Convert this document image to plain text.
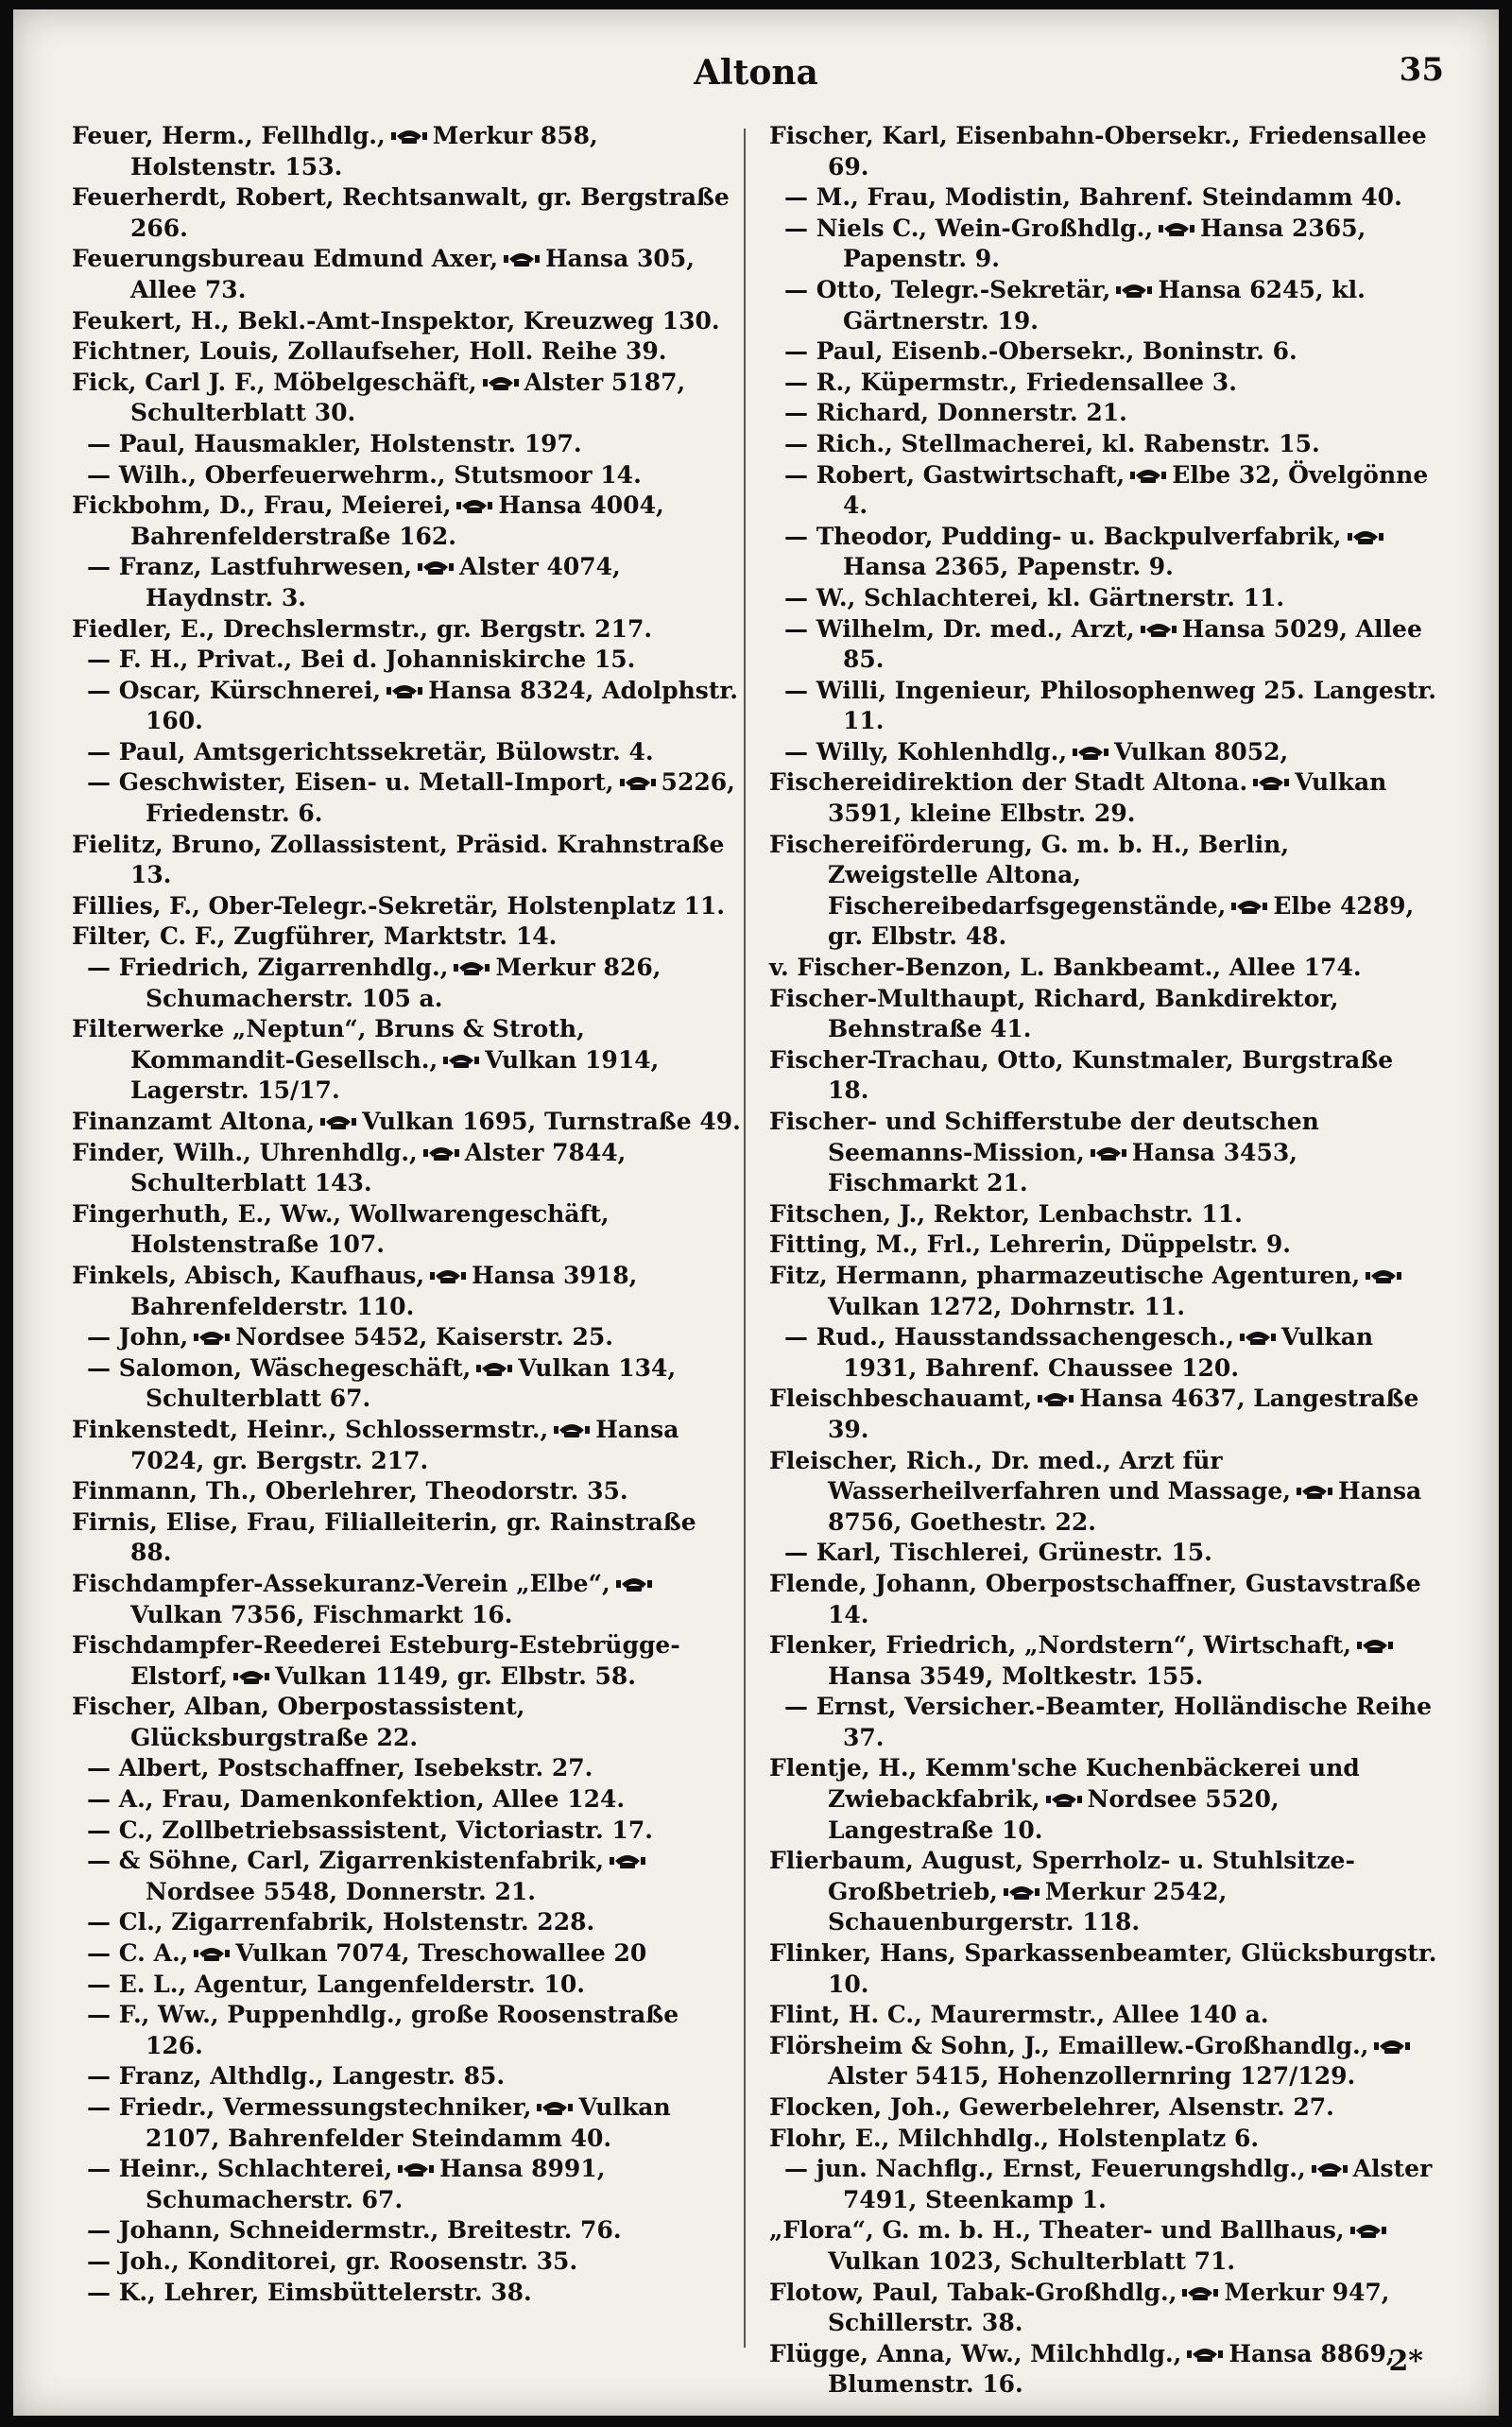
Altona	35
Feuer, Herm., Fellhdlg., Merkur 858, Holstenstr. 153.
Feuerherdt, Robert, Rechtsanwalt, gr. Bergstraße 266.
Feuerungsbureau Edmund Axer, Hansa 305, Allee 73.
Feukert, H., Bekl.-Amt-Inspektor, Kreuzweg 130.
Fichtner, Louis, Zollaufseher, Holl. Reihe 39.
Fick, Carl J. F., Möbelgeschäft, Alster 5187, Schulterblatt 30.
— Paul, Hausmakler, Holstenstr. 197.
— Wilh., Oberfeuerwehrm., Stutsmoor 14.
Fickbohm, D., Frau, Meierei, Hansa 4004, Bahrenfelderstraße 162.
— Franz, Lastfuhrwesen, Alster 4074, Haydnstr. 3.
Fiedler, E., Drechslermstr., gr. Bergstr. 217.
— F. H., Privat., Bei d. Johanniskirche 15.
— Oscar, Kürschnerei, Hansa 8324, Adolphstr. 160.
— Paul, Amtsgerichtssekretär, Bülowstr. 4.
— Geschwister, Eisen- u. Metall-Import, 5226, Friedenstr. 6.
Fielitz, Bruno, Zollassistent, Präsid. Krahnstraße 13.
Fillies, F., Ober-Telegr.-Sekretär, Holstenplatz 11.
Filter, C. F., Zugführer, Marktstr. 14.
— Friedrich, Zigarrenhdlg., Merkur 826, Schumacherstr. 105 a.
Filterwerke „Neptun“, Bruns & Stroth, Kommandit-Gesellsch., Vulkan 1914, Lagerstr. 15/17.
Finanzamt Altona, Vulkan 1695, Turnstraße 49.
Finder, Wilh., Uhrenhdlg., Alster 7844, Schulterblatt 143.
Fingerhuth, E., Ww., Wollwarengeschäft, Holstenstraße 107.
Finkels, Abisch, Kaufhaus, Hansa 3918, Bahrenfelderstr. 110.
— John, Nordsee 5452, Kaiserstr. 25.
— Salomon, Wäschegeschäft, Vulkan 134, Schulterblatt 67.
Finkenstedt, Heinr., Schlossermstr., Hansa 7024, gr. Bergstr. 217.
Finmann, Th., Oberlehrer, Theodorstr. 35.
Firnis, Elise, Frau, Filialleiterin, gr. Rainstraße 88.
Fischdampfer-Assekuranz-Verein „Elbe“,
Vulkan 7356, Fischmarkt 16.
Fischdampfer-Reederei Esteburg-Estebrügge-Elstorf, Vulkan 1149, gr. Elbstr. 58.
Fischer, Alban, Oberpostassistent, Glücksburgstraße 22.
— Albert, Postschaffner, Isebekstr. 27.
— A., Frau, Damenkonfektion, Allee 124.
— C., Zollbetriebsassistent, Victoriastr. 17.
— & Söhne, Carl, Zigarrenkistenfabrik,
Nordsee 5548, Donnerstr. 21.
— Cl., Zigarrenfabrik, Holstenstr. 228.
— C. A., Vulkan 7074, Treschowallee 20
— E. L., Agentur, Langenfelderstr. 10.
— F., Ww., Puppenhdlg., große Roosenstraße 126.
— Franz, Althdlg., Langestr. 85.
— Friedr., Vermessungstechniker, Vulkan 2107, Bahrenfelder Steindamm 40.
— Heinr., Schlachterei, Hansa 8991, Schumacherstr. 67.
— Johann, Schneidermstr., Breitestr. 76.
— Joh., Konditorei, gr. Roosenstr. 35.
— K., Lehrer, Eimsbüttelerstr. 38.
Fischer, Karl, Eisenbahn-Obersekr., Friedensallee 69.
— M., Frau, Modistin, Bahrenf. Steindamm 40.
— Niels C., Wein-Großhdlg., Hansa 2365, Papenstr. 9.
— Otto, Telegr.-Sekretär, Hansa 6245, kl. Gärtnerstr. 19.
— Paul, Eisenb.-Obersekr., Boninstr. 6.
— R., Küpermstr., Friedensallee 3.
— Richard, Donnerstr. 21.
— Rich., Stellmacherei, kl. Rabenstr. 15.
— Robert, Gastwirtschaft, Elbe 32, Övelgönne 4.
— Theodor, Pudding- u. Backpulverfabrik,
Hansa 2365, Papenstr. 9.
— W., Schlachterei, kl. Gärtnerstr. 11.
— Wilhelm, Dr. med., Arzt, Hansa 5029, Allee 85.
— Willi, Ingenieur, Philosophenweg 25. Langestr. 11.
— Willy, Kohlenhdlg., Vulkan 8052,
Fischereidirektion der Stadt Altona. Vulkan 3591, kleine Elbstr. 29.
Fischereiförderung, G. m. b. H., Berlin, Zweigstelle Altona, Fischereibedarfsgegenstände, Elbe 4289, gr. Elbstr. 48.
v. Fischer-Benzon, L. Bankbeamt., Allee 174.
Fischer-Multhaupt, Richard, Bankdirektor, Behnstraße 41.
Fischer-Trachau, Otto, Kunstmaler, Burgstraße 18.
Fischer- und Schifferstube der deutschen Seemanns-Mission, Hansa 3453, Fischmarkt 21.
Fitschen, J., Rektor, Lenbachstr. 11.
Fitting, M., Frl., Lehrerin, Düppelstr. 9.
Fitz, Hermann, pharmazeutische Agenturen,
Vulkan 1272, Dohrnstr. 11.
— Rud., Hausstandssachengesch., Vulkan 1931, Bahrenf. Chaussee 120.
Fleischbeschauamt, Hansa 4637, Langestraße 39.
Fleischer, Rich., Dr. med., Arzt für Wasserheilverfahren und Massage, Hansa 8756, Goethestr. 22.
— Karl, Tischlerei, Grünestr. 15.
Flende, Johann, Oberpostschaffner, Gustavstraße 14.
Flenker, Friedrich, „Nordstern“, Wirtschaft,
Hansa 3549, Moltkestr. 155.
— Ernst, Versicher.-Beamter, Holländische Reihe 37.
Flentje, H., Kemm'sche Kuchenbäckerei und Zwiebackfabrik, Nordsee 5520, Langestraße 10.
Flierbaum, August, Sperrholz- u. Stuhlsitze-Großbetrieb, Merkur 2542, Schauenburgerstr. 118.
Flinker, Hans, Sparkassenbeamter, Glücksburgstr. 10.
Flint, H. C., Maurermstr., Allee 140 a.
Flörsheim & Sohn, J., Emaillew.-Großhandlg.,
Alster 5415, Hohenzollernring 127/129.
Flocken, Joh., Gewerbelehrer, Alsenstr. 27.
Flohr, E., Milchhdlg., Holstenplatz 6.
— jun. Nachflg., Ernst, Feuerungshdlg., Alster 7491, Steenkamp 1.
„Flora“, G. m. b. H., Theater- und Ballhaus,
Vulkan 1023, Schulterblatt 71.
Flotow, Paul, Tabak-Großhdlg., Merkur 947, Schillerstr. 38.
Flügge, Anna, Ww., Milchhdlg., Hansa 8869, Blumenstr. 16.
2*
